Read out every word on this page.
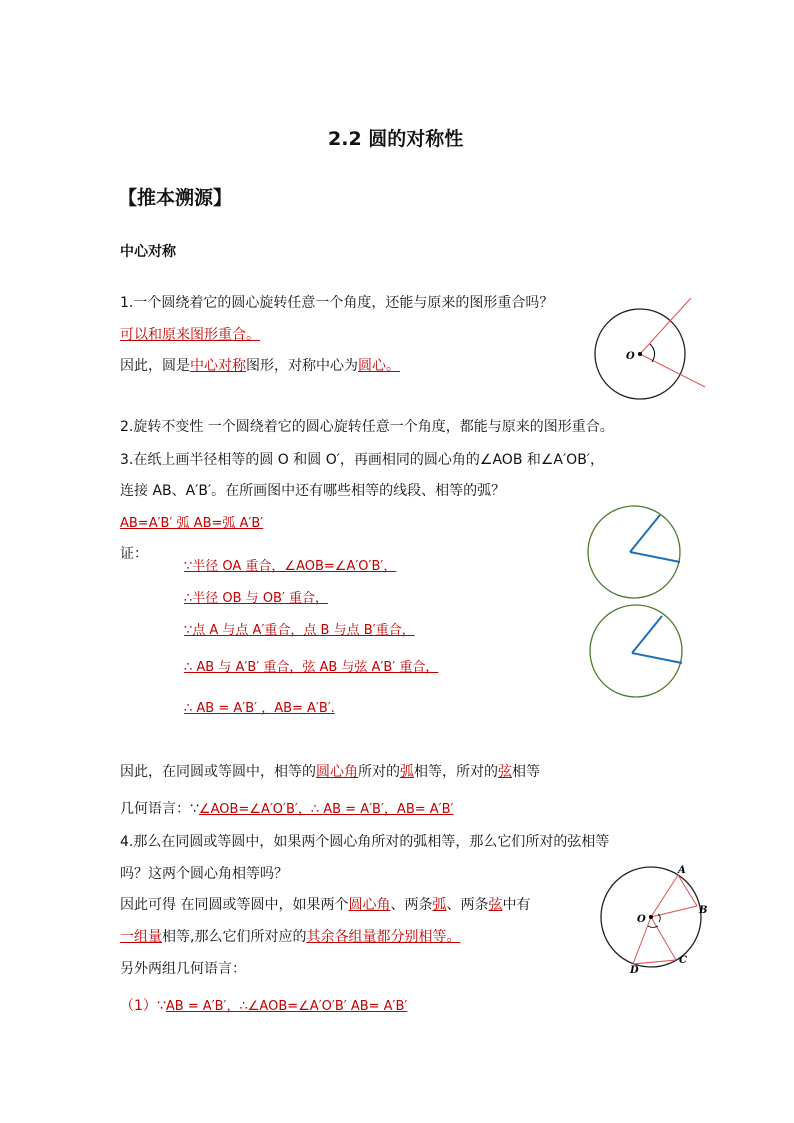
2.2 圆的对称性
【推本溯源】
中心对称
1.一个圆绕着它的圆心旋转任意一个角度，还能与原来的图形重合吗？
可以和原来图形重合。
因此，圆是中心对称图形，对称中心为圆心。
O
2.旋转不变性 一个圆绕着它的圆心旋转任意一个角度，都能与原来的图形重合。
3.在纸上画半径相等的圆 O 和圆 O′，再画相同的圆心角的∠AOB 和∠A′OB′，
连接 AB、A′B′。在所画图中还有哪些相等的线段、相等的弧？
AB=A′B′ 弧 AB=弧 A′B′
证：
∵半径 OA 重合，∠AOB=∠A′O′B′，
∴半径 OB 与 OB′ 重合，
∵点 A 与点 A′重合，点 B 与点 B′重合，
∴ AB 与 A′B′ 重合，弦 AB 与弦 A′B′ 重合，
∴ AB = A′B′ ，AB= A′B′.
因此，在同圆或等圆中，相等的圆心角所对的弧相等，所对的弦相等
几何语言：∵∠AOB=∠A′O′B′，∴ AB = A′B′，AB= A′B′
4.那么在同圆或等圆中，如果两个圆心角所对的弧相等，那么它们所对的弦相等
吗？这两个圆心角相等吗？
因此可得 在同圆或等圆中，如果两个圆心角、两条弧、两条弦中有
一组量相等,那么它们所对应的其余各组量都分别相等。
另外两组几何语言：
（1）∵AB = A′B′，∴∠AOB=∠A′O′B′ AB= A′B′
O
A
B
C
D
